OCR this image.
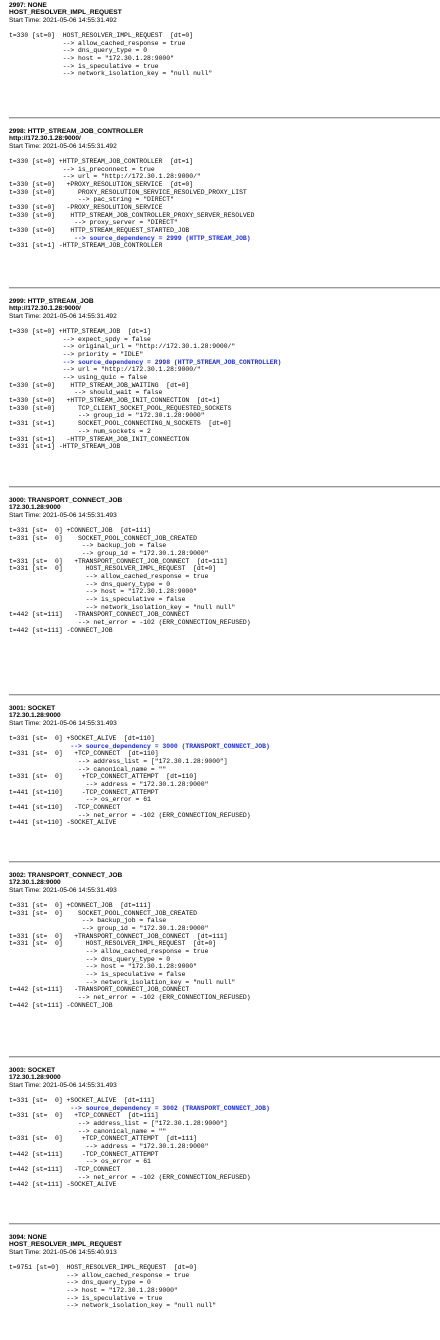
2997: NONE
HOST_RESOLVER_IMPL_REQUEST
Start Time: 2021-05-06 14:55:31.492
t=330 [st=0]  HOST_RESOLVER_IMPL_REQUEST  [dt=0]
--> allow_cached_response = true
--> dns_query_type = 0
--> host = "172.30.1.28:9000"
--> is_speculative = true
--> network_isolation_key = "null null"
2998: HTTP_STREAM_JOB_CONTROLLER
http://172.30.1.28:9000/
Start Time: 2021-05-06 14:55:31.492
t=330 [st=0] +HTTP_STREAM_JOB_CONTROLLER  [dt=1]
--> is_preconnect = true
--> url = "http://172.30.1.28:9000/"
t=330 [st=0]   +PROXY_RESOLUTION_SERVICE  [dt=0]
t=330 [st=0]      PROXY_RESOLUTION_SERVICE_RESOLVED_PROXY_LIST
--> pac_string = "DIRECT"
t=330 [st=0]   -PROXY_RESOLUTION_SERVICE
t=330 [st=0]    HTTP_STREAM_JOB_CONTROLLER_PROXY_SERVER_RESOLVED
--> proxy_server = "DIRECT"
t=330 [st=0]    HTTP_STREAM_REQUEST_STARTED_JOB
--> source_dependency = 2999 (HTTP_STREAM_JOB)
t=331 [st=1] -HTTP_STREAM_JOB_CONTROLLER
2999: HTTP_STREAM_JOB
http://172.30.1.28:9000/
Start Time: 2021-05-06 14:55:31.492
t=330 [st=0] +HTTP_STREAM_JOB  [dt=1]
--> expect_spdy = false
--> original_url = "http://172.30.1.28:9000/"
--> priority = "IDLE"
--> source_dependency = 2998 (HTTP_STREAM_JOB_CONTROLLER)
--> url = "http://172.30.1.28:9000/"
--> using_quic = false
t=330 [st=0]    HTTP_STREAM_JOB_WAITING  [dt=0]
--> should_wait = false
t=330 [st=0]   +HTTP_STREAM_JOB_INIT_CONNECTION  [dt=1]
t=330 [st=0]      TCP_CLIENT_SOCKET_POOL_REQUESTED_SOCKETS
--> group_id = "172.30.1.28:9000"
t=331 [st=1]      SOCKET_POOL_CONNECTING_N_SOCKETS  [dt=0]
--> num_sockets = 2
t=331 [st=1]   -HTTP_STREAM_JOB_INIT_CONNECTION
t=331 [st=1] -HTTP_STREAM_JOB
3000: TRANSPORT_CONNECT_JOB
172.30.1.28:9000
Start Time: 2021-05-06 14:55:31.493
t=331 [st=  0] +CONNECT_JOB  [dt=111]
t=331 [st=  0]    SOCKET_POOL_CONNECT_JOB_CREATED
--> backup_job = false
--> group_id = "172.30.1.28:9000"
t=331 [st=  0]   +TRANSPORT_CONNECT_JOB_CONNECT  [dt=111]
t=331 [st=  0]      HOST_RESOLVER_IMPL_REQUEST  [dt=0]
--> allow_cached_response = true
--> dns_query_type = 0
--> host = "172.30.1.28:9000"
--> is_speculative = false
--> network_isolation_key = "null null"
t=442 [st=111]   -TRANSPORT_CONNECT_JOB_CONNECT
--> net_error = -102 (ERR_CONNECTION_REFUSED)
t=442 [st=111] -CONNECT_JOB
3001: SOCKET
172.30.1.28:9000
Start Time: 2021-05-06 14:55:31.493
t=331 [st=  0] +SOCKET_ALIVE  [dt=110]
--> source_dependency = 3000 (TRANSPORT_CONNECT_JOB)
t=331 [st=  0]   +TCP_CONNECT  [dt=110]
--> address_list = ["172.30.1.28:9000"]
--> canonical_name = ""
t=331 [st=  0]     +TCP_CONNECT_ATTEMPT  [dt=110]
--> address = "172.30.1.28:9000"
t=441 [st=110]     -TCP_CONNECT_ATTEMPT
--> os_error = 61
t=441 [st=110]   -TCP_CONNECT
--> net_error = -102 (ERR_CONNECTION_REFUSED)
t=441 [st=110] -SOCKET_ALIVE
3002: TRANSPORT_CONNECT_JOB
172.30.1.28:9000
Start Time: 2021-05-06 14:55:31.493
t=331 [st=  0] +CONNECT_JOB  [dt=111]
t=331 [st=  0]    SOCKET_POOL_CONNECT_JOB_CREATED
--> backup_job = false
--> group_id = "172.30.1.28:9000"
t=331 [st=  0]   +TRANSPORT_CONNECT_JOB_CONNECT  [dt=111]
t=331 [st=  0]      HOST_RESOLVER_IMPL_REQUEST  [dt=0]
--> allow_cached_response = true
--> dns_query_type = 0
--> host = "172.30.1.28:9000"
--> is_speculative = false
--> network_isolation_key = "null null"
t=442 [st=111]   -TRANSPORT_CONNECT_JOB_CONNECT
--> net_error = -102 (ERR_CONNECTION_REFUSED)
t=442 [st=111] -CONNECT_JOB
3003: SOCKET
172.30.1.28:9000
Start Time: 2021-05-06 14:55:31.493
t=331 [st=  0] +SOCKET_ALIVE  [dt=111]
--> source_dependency = 3002 (TRANSPORT_CONNECT_JOB)
t=331 [st=  0]   +TCP_CONNECT  [dt=111]
--> address_list = ["172.30.1.28:9000"]
--> canonical_name = ""
t=331 [st=  0]     +TCP_CONNECT_ATTEMPT  [dt=111]
--> address = "172.30.1.28:9000"
t=442 [st=111]     -TCP_CONNECT_ATTEMPT
--> os_error = 61
t=442 [st=111]   -TCP_CONNECT
--> net_error = -102 (ERR_CONNECTION_REFUSED)
t=442 [st=111] -SOCKET_ALIVE
3094: NONE
HOST_RESOLVER_IMPL_REQUEST
Start Time: 2021-05-06 14:55:40.913
t=9751 [st=0]  HOST_RESOLVER_IMPL_REQUEST  [dt=0]
--> allow_cached_response = true
--> dns_query_type = 0
--> host = "172.30.1.28:9000"
--> is_speculative = true
--> network_isolation_key = "null null"
